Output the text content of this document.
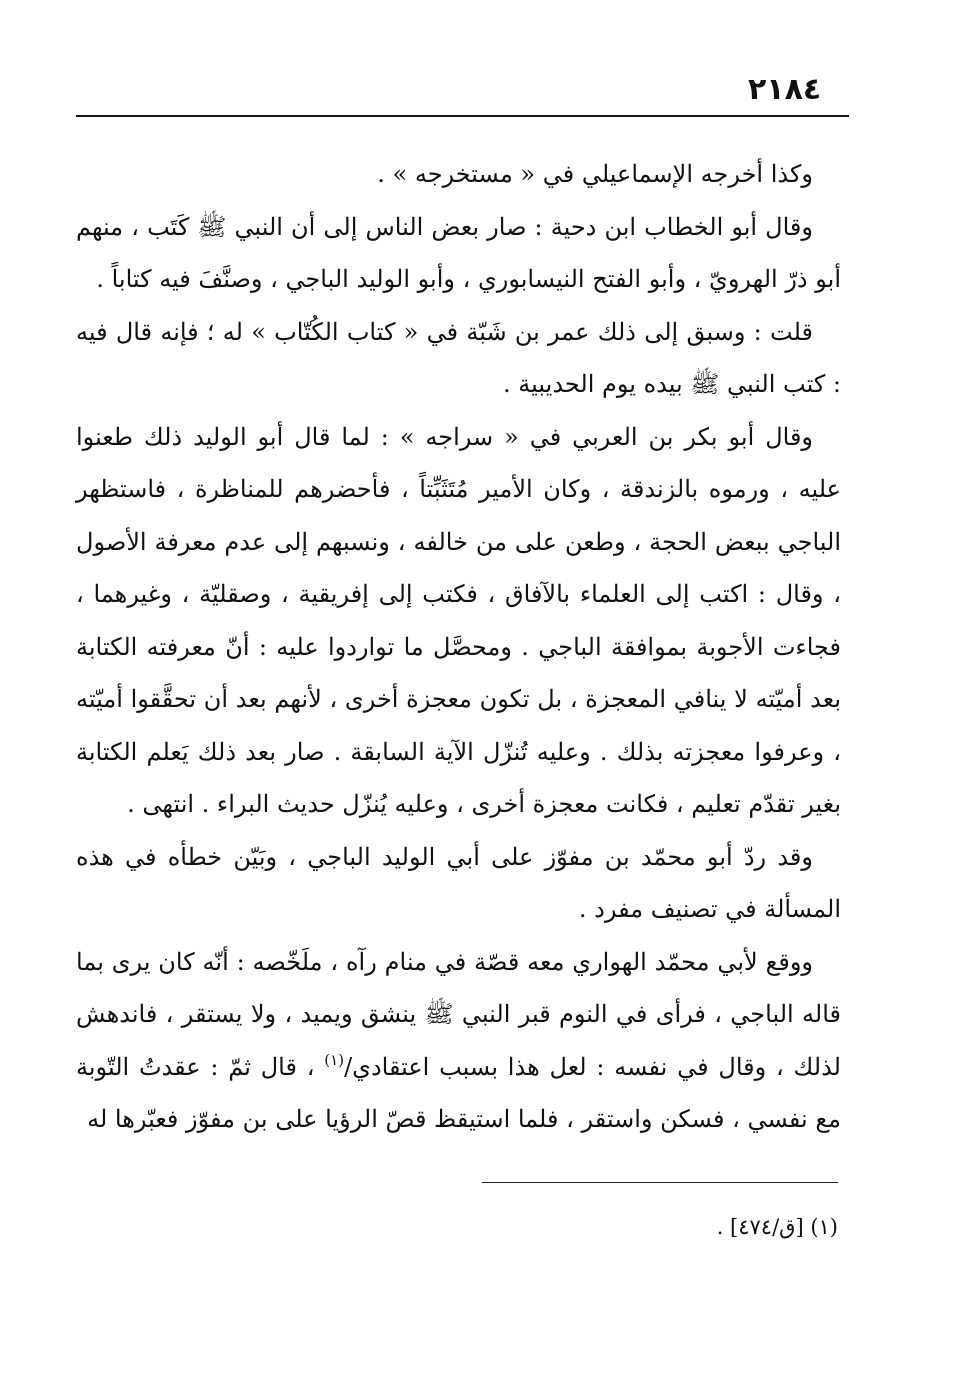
٢١٨٤

وكذا أخرجه الإسماعيلي في « مستخرجه » .

وقال أبو الخطاب ابن دحية : صار بعض الناس إلى أن النبي ﷺ كَتَب ، منهم أبو ذرّ الهرويّ ، وأبو الفتح النيسابوري ، وأبو الوليد الباجي ، وصنَّفَ فيه كتاباً .

قلت : وسبق إلى ذلك عمر بن شَبّة في « كتاب الكُتّاب » له ؛ فإنه قال فيه : كتب النبي ﷺ بيده يوم الحديبية .

وقال أبو بكر بن العربي في « سراجه » : لما قال أبو الوليد ذلك طعنوا عليه ، ورموه بالزندقة ، وكان الأمير مُتَثَبِّتاً ، فأحضرهم للمناظرة ، فاستظهر الباجي ببعض الحجة ، وطعن على من خالفه ، ونسبهم إلى عدم معرفة الأصول ، وقال : اكتب إلى العلماء بالآفاق ، فكتب إلى إفريقية ، وصقليّة ، وغيرهما ، فجاءت الأجوبة بموافقة الباجي . ومحصَّل ما تواردوا عليه : أنّ معرفته الكتابة بعد أميّته لا ينافي المعجزة ، بل تكون معجزة أخرى ، لأنهم بعد أن تحقَّقوا أميّته ، وعرفوا معجزته بذلك . وعليه تُنزّل الآية السابقة . صار بعد ذلك يَعلم الكتابة بغير تقدّم تعليم ، فكانت معجزة أخرى ، وعليه يُنزّل حديث البراء . انتهى .

وقد ردّ أبو محمّد بن مفوّز على أبي الوليد الباجي ، وبَيّن خطأه في هذه المسألة في تصنيف مفرد .

ووقع لأبي محمّد الهواري معه قصّة في منام رآه ، ملَخّصه : أنّه كان يرى بما قاله الباجي ، فرأى في النوم قبر النبي ﷺ ينشق ويميد ، ولا يستقر ، فاندهش لذلك ، وقال في نفسه : لعل هذا بسبب اعتقادي/$^{(١)}$ ، قال ثمّ : عقدتُ التّوبة مع نفسي ، فسكن واستقر ، فلما استيقظ قصّ الرؤيا على بن مفوّز فعبّرها له

(١) [ق/٤٧٤] .
